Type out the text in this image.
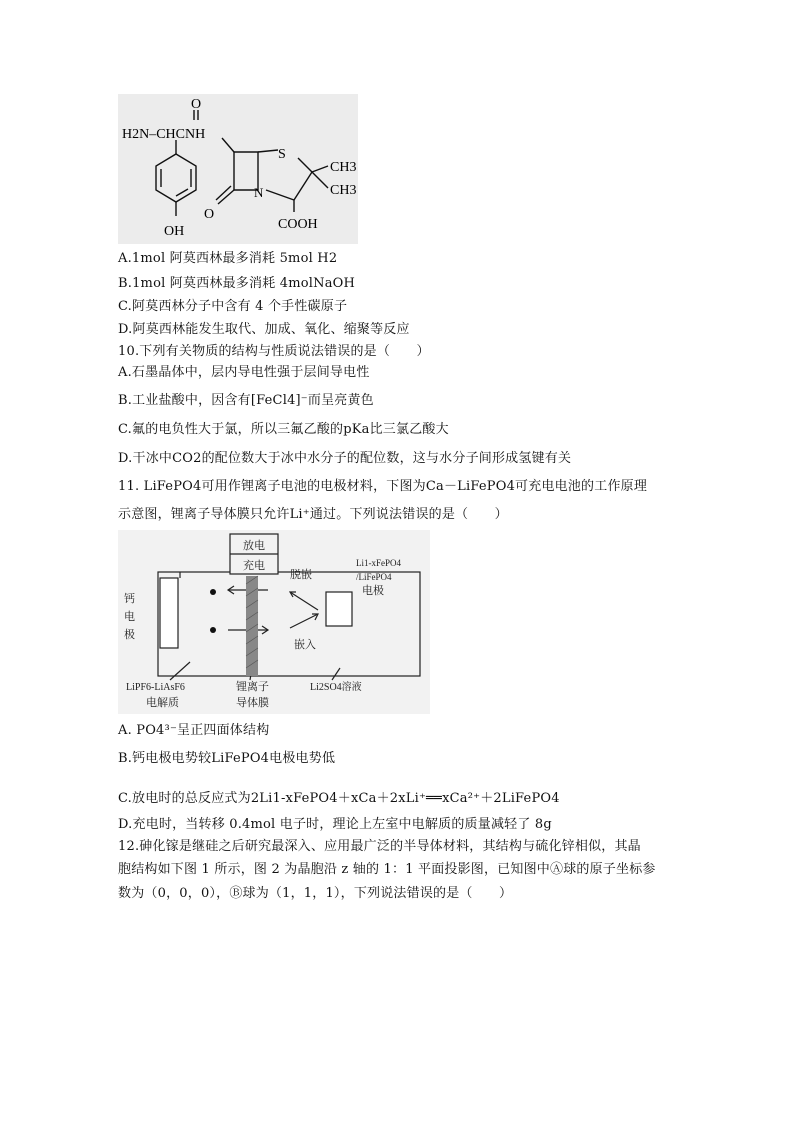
O
H2N–CHCNH
S
N
CH3
CH3
O
COOH
OH
A.1mol 阿莫西林最多消耗 5mol H2
B.1mol 阿莫西林最多消耗 4molNaOH
C.阿莫西林分子中含有 4 个手性碳原子
D.阿莫西林能发生取代、加成、氧化、缩聚等反应
10.下列有关物质的结构与性质说法错误的是（　　）
A.石墨晶体中，层内导电性强于层间导电性
B.工业盐酸中，因含有[FeCl4]⁻而呈亮黄色
C.氟的电负性大于氯，所以三氟乙酸的pKa比三氯乙酸大
D.干冰中CO2的配位数大于冰中水分子的配位数，这与水分子间形成氢键有关
11. LiFePO4可用作锂离子电池的电极材料，下图为Ca－LiFePO4可充电电池的工作原理
示意图，锂离子导体膜只允许Li⁺通过。下列说法错误的是（　　）
放电
充电
钙
电
极
脱嵌
嵌入
Li1-xFePO4
/LiFePO4
电极
LiPF6-LiAsF6
电解质
锂离子
导体膜
Li2SO4溶液
A. PO4³⁻呈正四面体结构
B.钙电极电势较LiFePO4电极电势低
C.放电时的总反应式为2Li1-xFePO4＋xCa＋2xLi⁺══xCa²⁺＋2LiFePO4
D.充电时，当转移 0.4mol 电子时，理论上左室中电解质的质量减轻了 8g
12.砷化镓是继硅之后研究最深入、应用最广泛的半导体材料，其结构与硫化锌相似，其晶
胞结构如下图 1 所示，图 2 为晶胞沿 z 轴的 1：1 平面投影图，已知图中Ⓐ球的原子坐标参
数为（0，0，0），Ⓑ球为（1，1，1），下列说法错误的是（　　）
